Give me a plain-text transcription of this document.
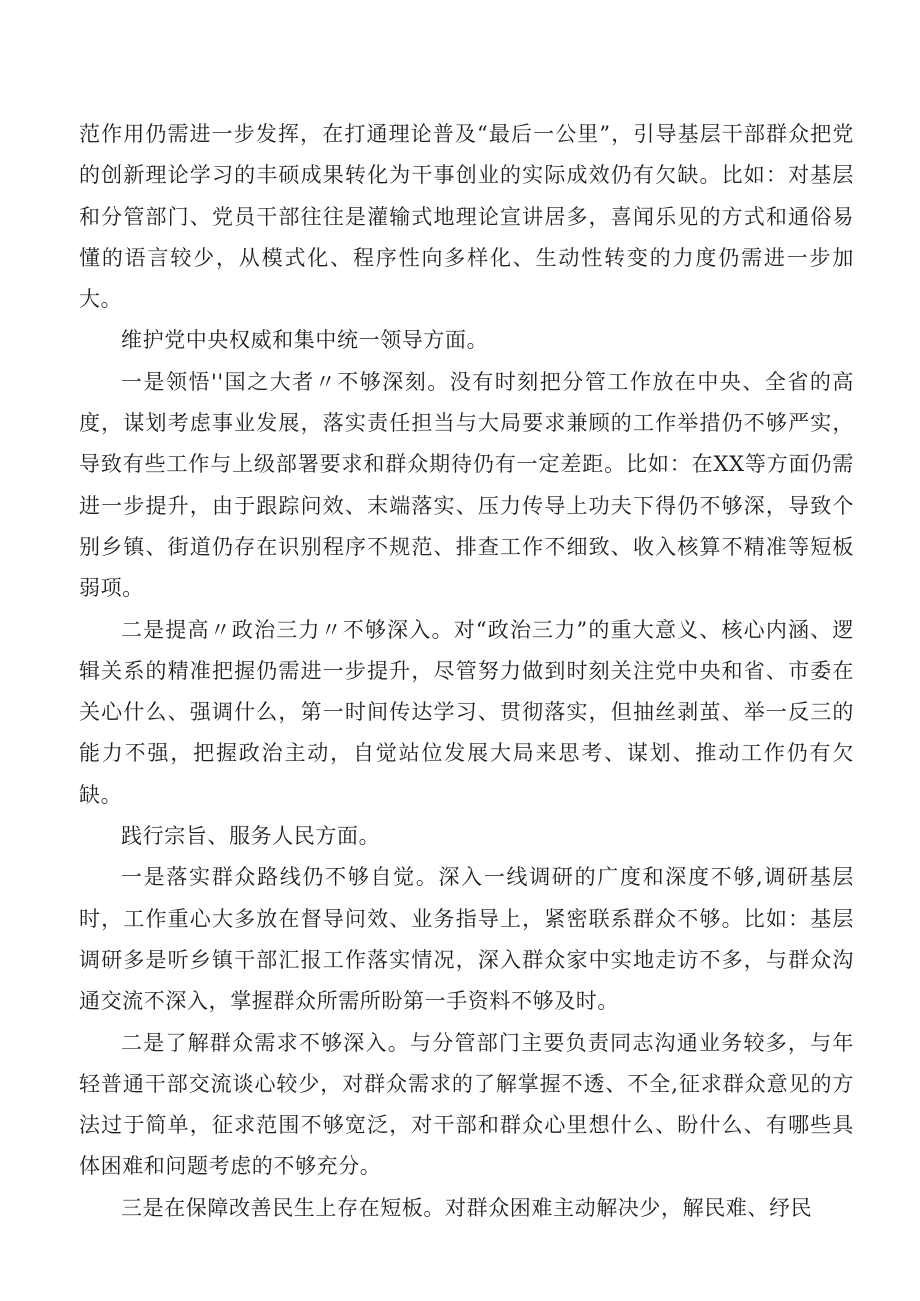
范作用仍需进一步发挥，在打通理论普及“最后一公里”，引导基层干部群众把党的创新理论学习的丰硕成果转化为干事创业的实际成效仍有欠缺。比如：对基层和分管部门、党员干部往往是灌输式地理论宣讲居多，喜闻乐见的方式和通俗易懂的语言较少，从模式化、程序性向多样化、生动性转变的力度仍需进一步加大。

维护党中央权威和集中统一领导方面。

一是领悟''国之大者〃不够深刻。没有时刻把分管工作放在中央、全省的高度，谋划考虑事业发展，落实责任担当与大局要求兼顾的工作举措仍不够严实，导致有些工作与上级部署要求和群众期待仍有一定差距。比如：在XX等方面仍需进一步提升，由于跟踪问效、末端落实、压力传导上功夫下得仍不够深，导致个别乡镇、街道仍存在识别程序不规范、排查工作不细致、收入核算不精准等短板弱项。

二是提高〃政治三力〃不够深入。对“政治三力”的重大意义、核心内涵、逻辑关系的精准把握仍需进一步提升，尽管努力做到时刻关注党中央和省、市委在关心什么、强调什么，第一时间传达学习、贯彻落实，但抽丝剥茧、举一反三的能力不强，把握政治主动，自觉站位发展大局来思考、谋划、推动工作仍有欠缺。

践行宗旨、服务人民方面。

一是落实群众路线仍不够自觉。深入一线调研的广度和深度不够,调研基层时，工作重心大多放在督导问效、业务指导上，紧密联系群众不够。比如：基层调研多是听乡镇干部汇报工作落实情况，深入群众家中实地走访不多，与群众沟通交流不深入，掌握群众所需所盼第一手资料不够及时。

二是了解群众需求不够深入。与分管部门主要负责同志沟通业务较多，与年轻普通干部交流谈心较少，对群众需求的了解掌握不透、不全,征求群众意见的方法过于简单，征求范围不够宽泛，对干部和群众心里想什么、盼什么、有哪些具体困难和问题考虑的不够充分。

三是在保障改善民生上存在短板。对群众困难主动解决少，解民难、纾民
